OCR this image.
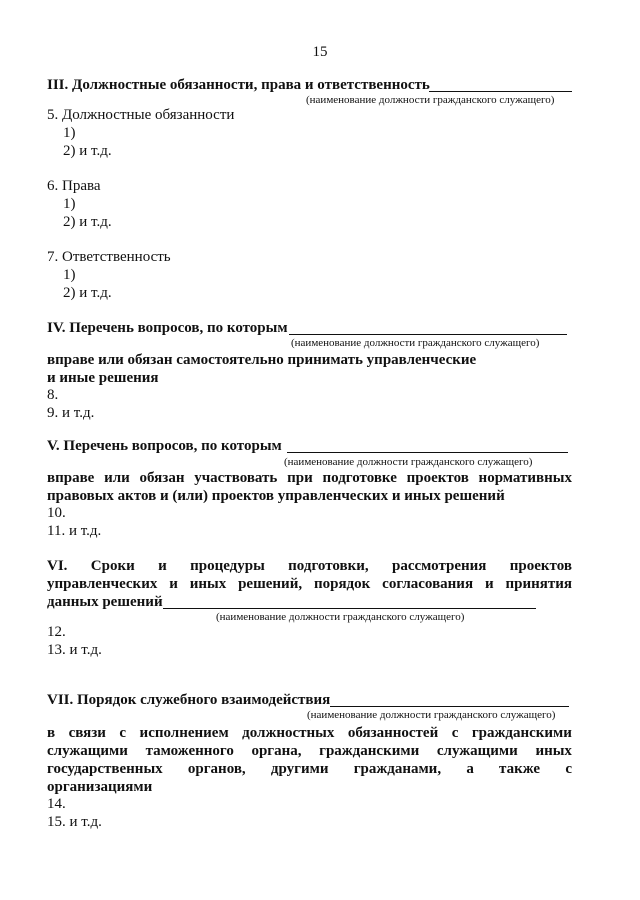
15
III. Должностные обязанности, права и ответственность
(наименование должности гражданского служащего)
5. Должностные обязанности
1)
2) и т.д.
6. Права
1)
2) и т.д.
7. Ответственность
1)
2) и т.д.
IV. Перечень вопросов, по которым
(наименование должности гражданского служащего)
вправе или обязан самостоятельно принимать управленческие
и иные решения
8.
9. и т.д.
V. Перечень вопросов, по которым
(наименование должности гражданского служащего)
вправе или обязан участвовать при подготовке проектов нормативных
правовых актов и (или) проектов управленческих и иных решений
10.
11. и т.д.
VI. Сроки и процедуры подготовки, рассмотрения проектов
управленческих и иных решений, порядок согласования и принятия
данных решений
(наименование должности гражданского служащего)
12.
13. и т.д.
VII. Порядок служебного взаимодействия
(наименование должности гражданского служащего)
в связи с исполнением должностных обязанностей с гражданскими
служащими таможенного органа, гражданскими служащими иных
государственных органов, другими гражданами, а также с
организациями
14.
15. и т.д.
